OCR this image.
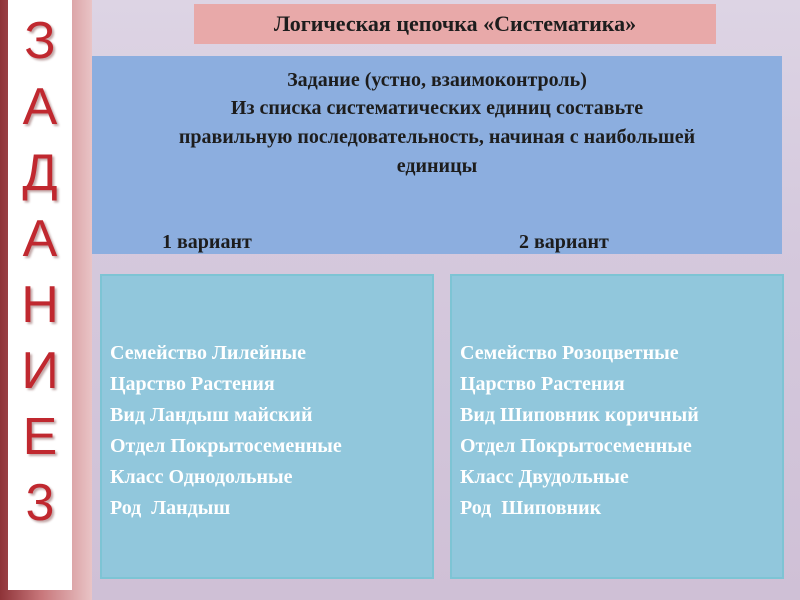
З
А
Д
А
Н
И
Е
3
Логическая цепочка «Систематика»

Задание (устно, взаимоконтроль)

Из списка систематических единиц составьте
правильную последовательность, начиная с наибольшей
единицы
1 вариант	2 вариант
Семейство Лилейные
Царство Растения
Вид Ландыш майский
Отдел Покрытосеменные
Класс Однодольные
Род  Ландыш
Семейство Розоцветные
Царство Растения
Вид Шиповник коричный
Отдел Покрытосеменные
Класс Двудольные
Род  Шиповник
